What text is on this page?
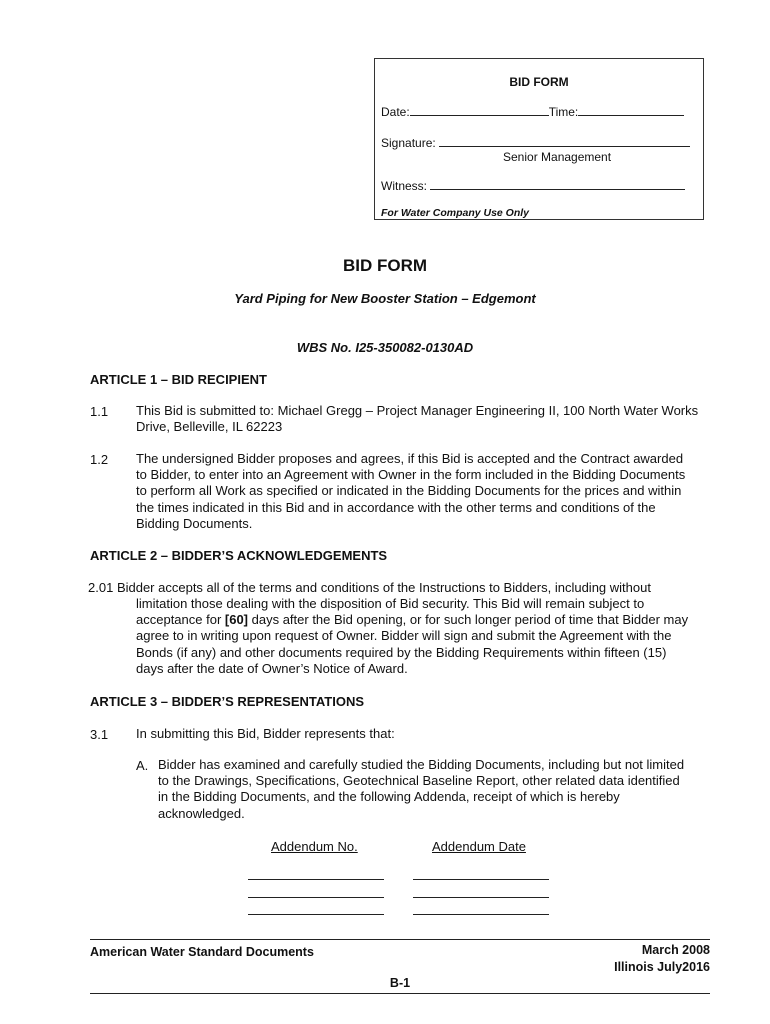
BID FORM
Date:	Time:
Signature:
Senior Management
Witness:
For Water Company Use Only
BID FORM
Yard Piping for New Booster Station – Edgemont
WBS No. I25-350082-0130AD
ARTICLE 1 – BID RECIPIENT
1.1 This Bid is submitted to: Michael Gregg – Project Manager Engineering II, 100 North Water Works
Drive, Belleville, IL 62223
1.2 The undersigned Bidder proposes and agrees, if this Bid is accepted and the Contract awarded
to Bidder, to enter into an Agreement with Owner in the form included in the Bidding Documents
to perform all Work as specified or indicated in the Bidding Documents for the prices and within
the times indicated in this Bid and in accordance with the other terms and conditions of the
Bidding Documents.
ARTICLE 2 – BIDDER’S ACKNOWLEDGEMENTS
2.01 Bidder accepts all of the terms and conditions of the Instructions to Bidders, including without
limitation those dealing with the disposition of Bid security. This Bid will remain subject to
acceptance for [60] days after the Bid opening, or for such longer period of time that Bidder may
agree to in writing upon request of Owner. Bidder will sign and submit the Agreement with the
Bonds (if any) and other documents required by the Bidding Requirements within fifteen (15)
days after the date of Owner’s Notice of Award.
ARTICLE 3 – BIDDER’S REPRESENTATIONS
3.1 In submitting this Bid, Bidder represents that:
A. Bidder has examined and carefully studied the Bidding Documents, including but not limited
to the Drawings, Specifications, Geotechnical Baseline Report, other related data identified
in the Bidding Documents, and the following Addenda, receipt of which is hereby
acknowledged.
Addendum No.	Addendum Date
American Water Standard Documents	March 2008
Illinois July2016
B-1
